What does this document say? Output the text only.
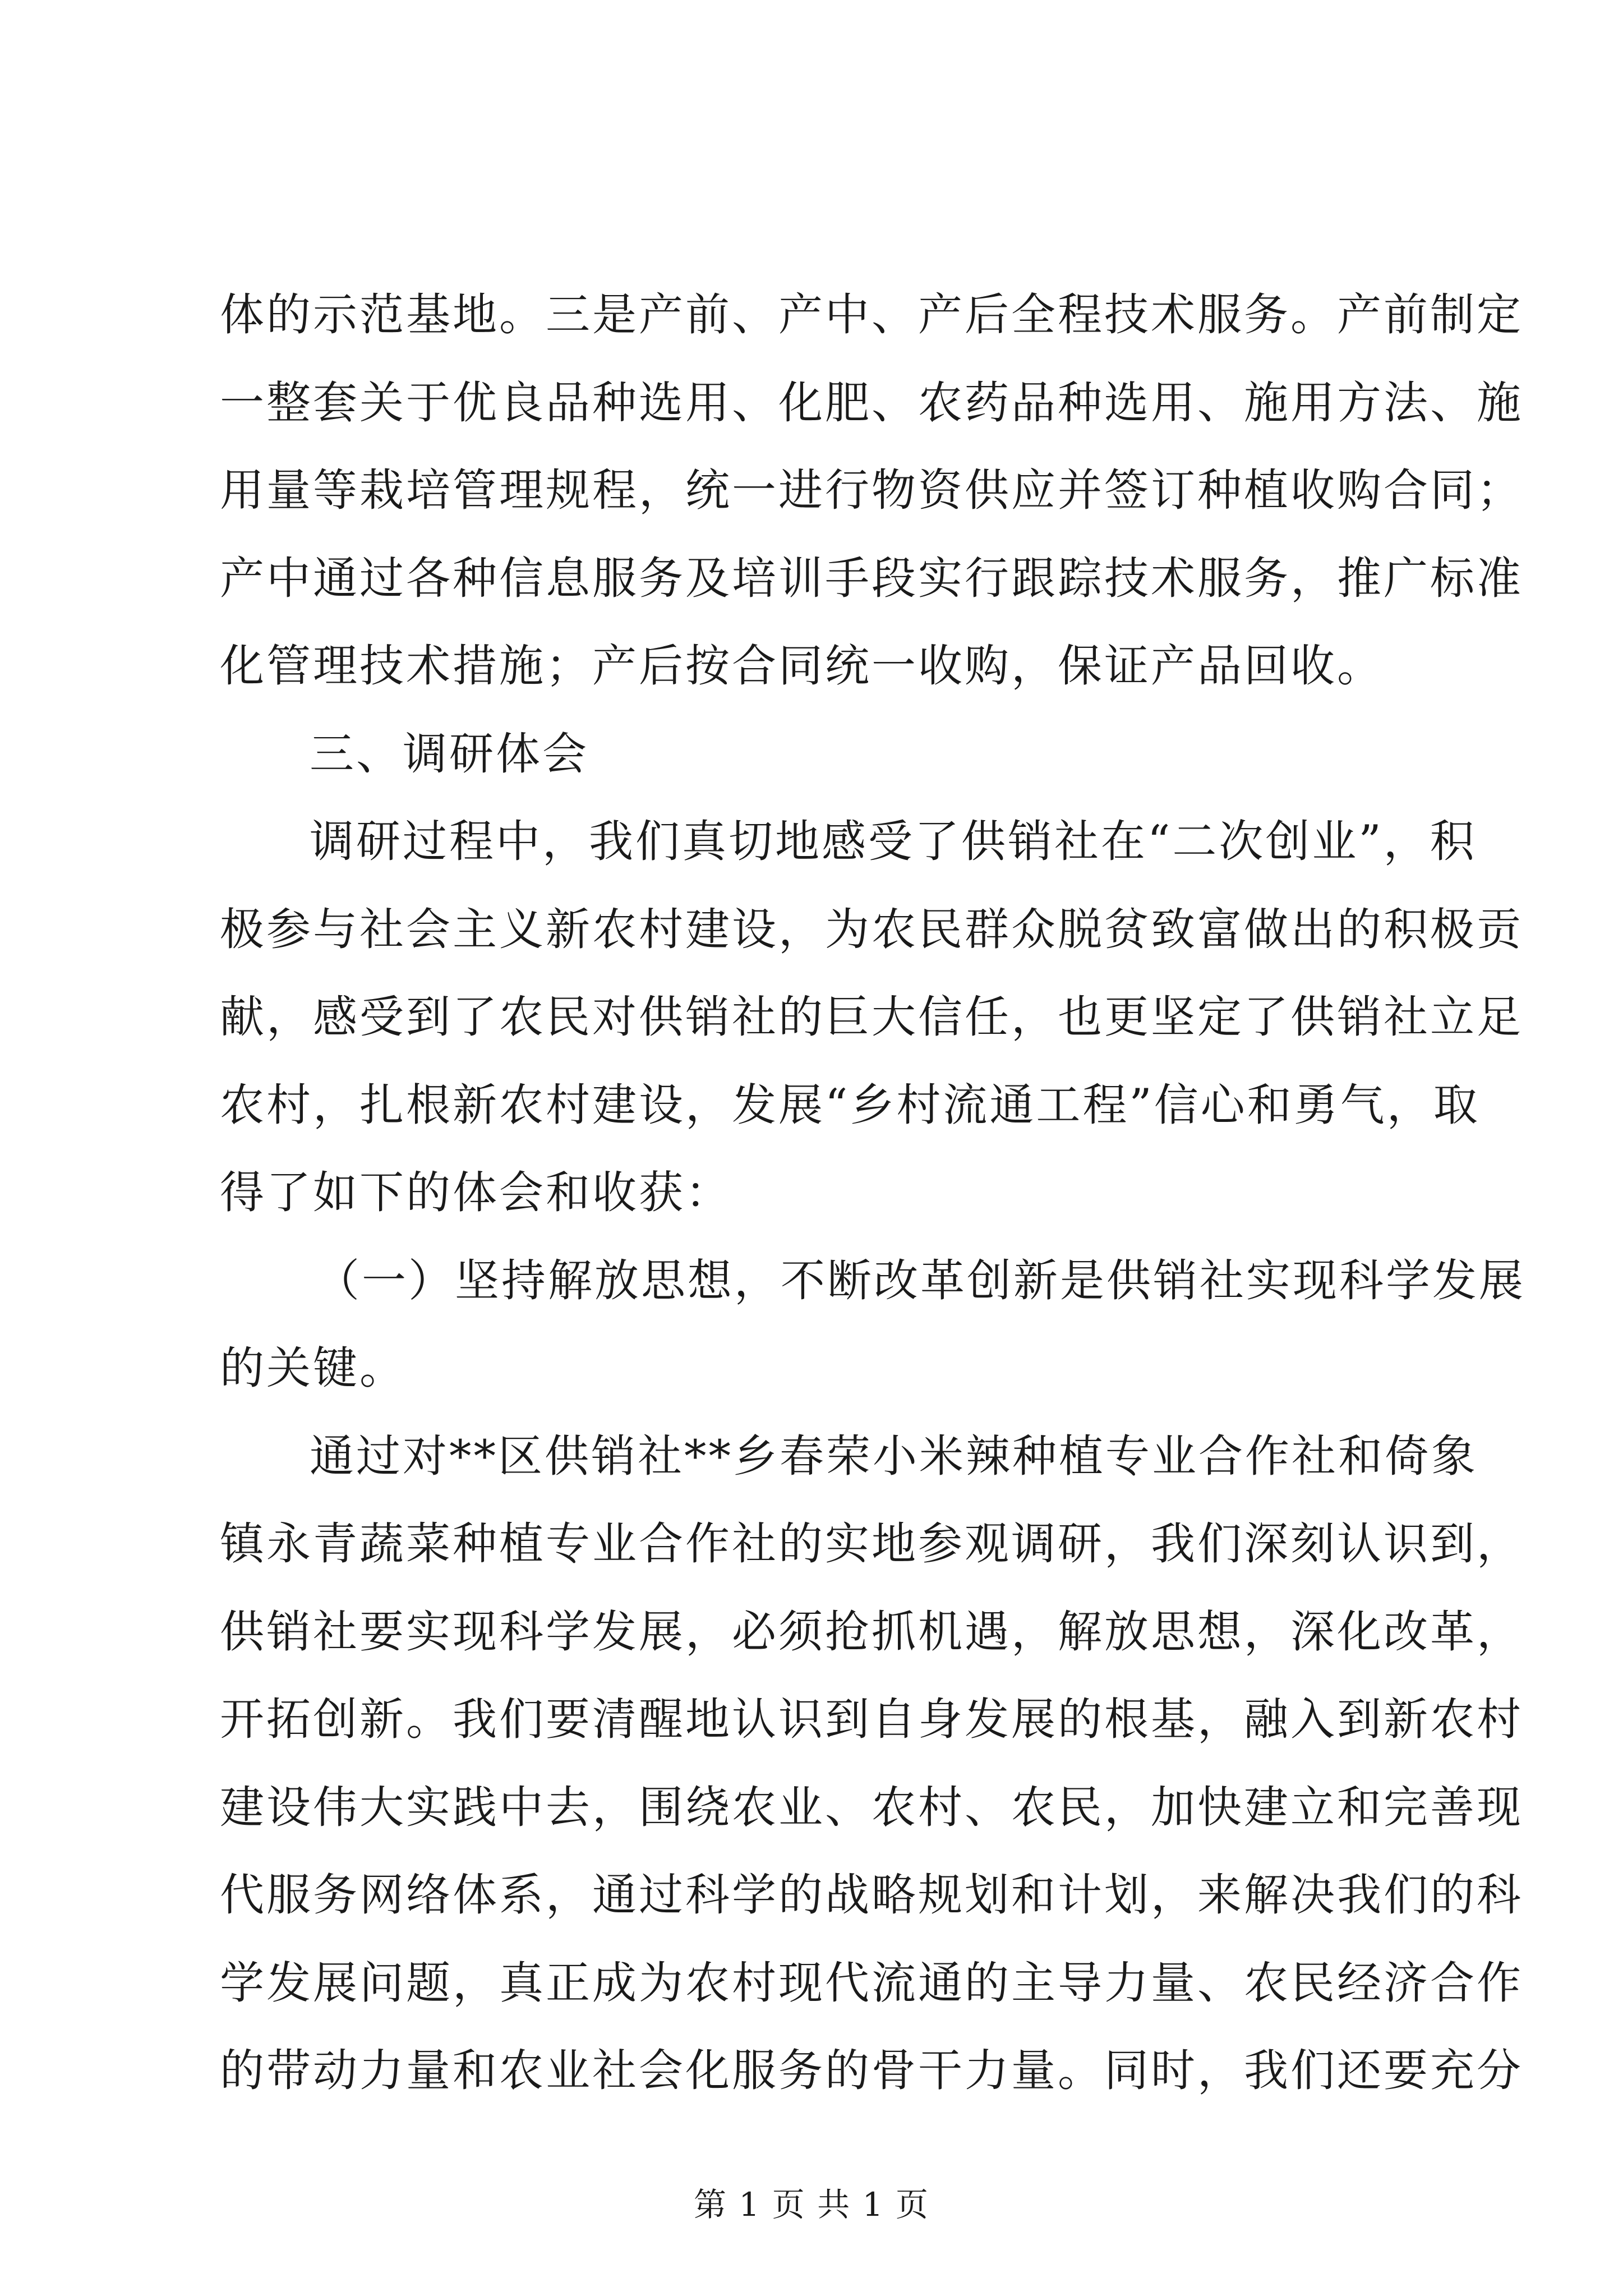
体的示范基地。三是产前、产中、产后全程技术服务。产前制定
一整套关于优良品种选用、化肥、农药品种选用、施用方法、施
用量等栽培管理规程，统一进行物资供应并签订种植收购合同；
产中通过各种信息服务及培训手段实行跟踪技术服务，推广标准
化管理技术措施；产后按合同统一收购，保证产品回收。
三、调研体会
调研过程中，我们真切地感受了供销社在“二次创业”，积
极参与社会主义新农村建设，为农民群众脱贫致富做出的积极贡
献，感受到了农民对供销社的巨大信任，也更坚定了供销社立足
农村，扎根新农村建设，发展“乡村流通工程”信心和勇气，取
得了如下的体会和收获：
（一）坚持解放思想，不断改革创新是供销社实现科学发展
的关键。
通过对**区供销社**乡春荣小米辣种植专业合作社和倚象
镇永青蔬菜种植专业合作社的实地参观调研，我们深刻认识到，
供销社要实现科学发展，必须抢抓机遇，解放思想，深化改革，
开拓创新。我们要清醒地认识到自身发展的根基，融入到新农村
建设伟大实践中去，围绕农业、农村、农民，加快建立和完善现
代服务网络体系，通过科学的战略规划和计划，来解决我们的科
学发展问题，真正成为农村现代流通的主导力量、农民经济合作
的带动力量和农业社会化服务的骨干力量。同时，我们还要充分
第 1 页 共 1 页
